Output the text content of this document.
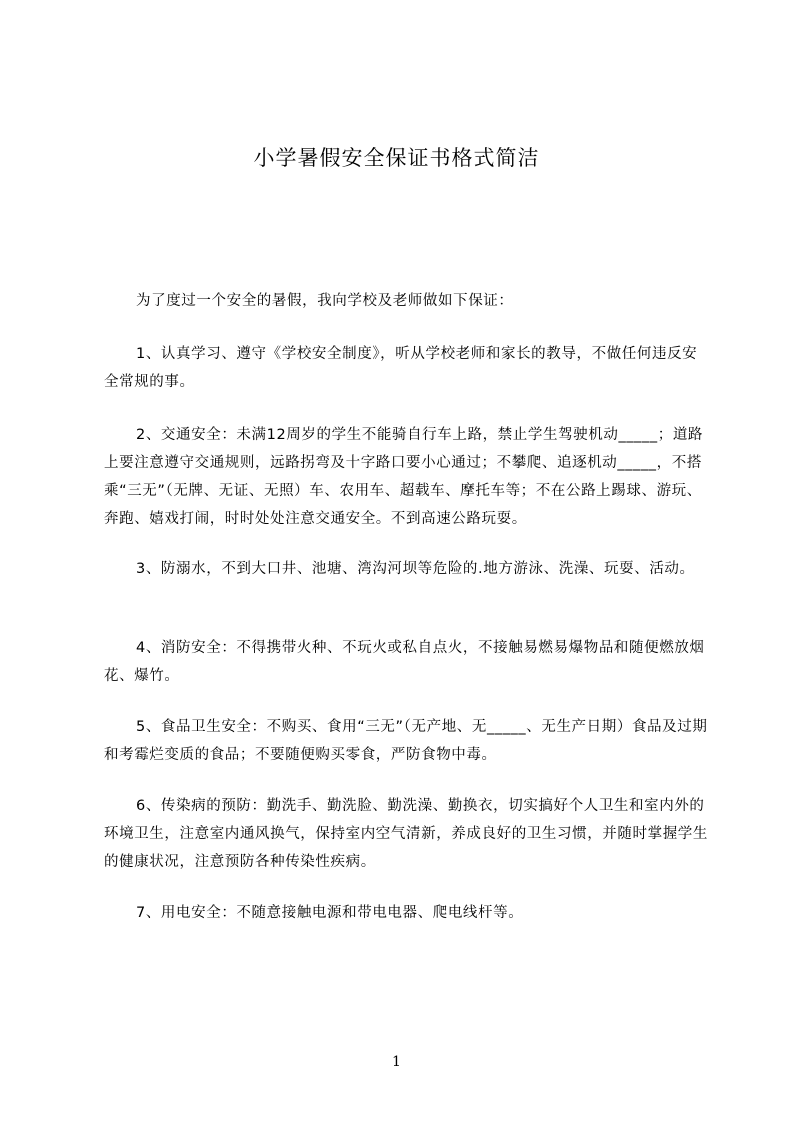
小学暑假安全保证书格式简洁

为了度过一个安全的暑假，我向学校及老师做如下保证：

1、认真学习、遵守《学校安全制度》，听从学校老师和家长的教导，不做任何违反安全常规的事。

2、交通安全：未满12周岁的学生不能骑自行车上路，禁止学生驾驶机动_____；道路上要注意遵守交通规则，远路拐弯及十字路口要小心通过；不攀爬、追逐机动_____，不搭乘“三无”（无牌、无证、无照）车、农用车、超载车、摩托车等；不在公路上踢球、游玩、奔跑、嬉戏打闹，时时处处注意交通安全。不到高速公路玩耍。

3、防溺水，不到大口井、池塘、湾沟河坝等危险的.地方游泳、洗澡、玩耍、活动。

4、消防安全：不得携带火种、不玩火或私自点火，不接触易燃易爆物品和随便燃放烟花、爆竹。

5、食品卫生安全：不购买、食用“三无”（无产地、无_____、无生产日期）食品及过期和考霉烂变质的食品；不要随便购买零食，严防食物中毒。

6、传染病的预防：勤洗手、勤洗脸、勤洗澡、勤换衣，切实搞好个人卫生和室内外的环境卫生，注意室内通风换气，保持室内空气清新，养成良好的卫生习惯，并随时掌握学生的健康状况，注意预防各种传染性疾病。

7、用电安全：不随意接触电源和带电电器、爬电线杆等。

1
